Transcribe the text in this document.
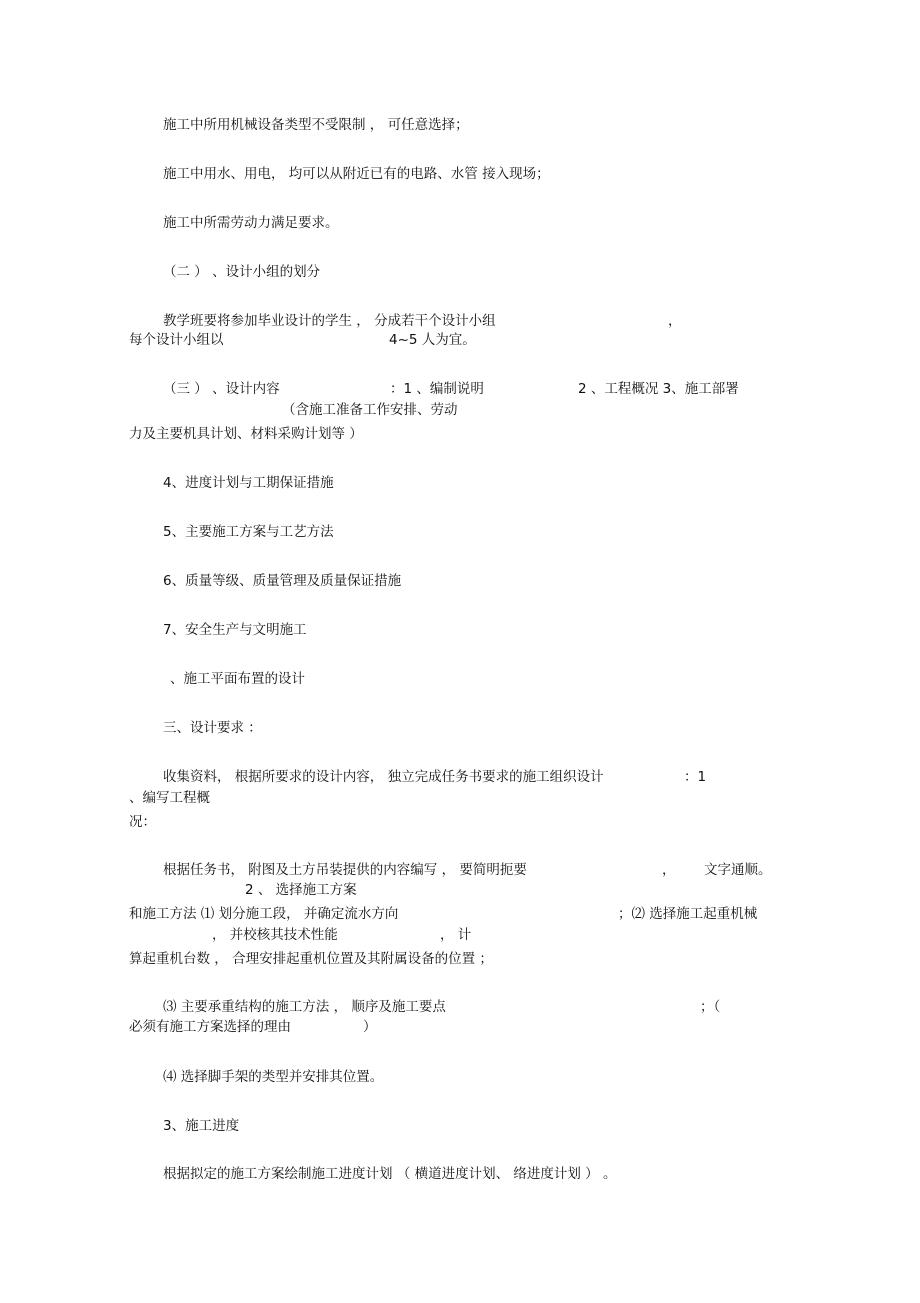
施工中所用机械设备类型不受限制 ， 可任意选择；
施工中用水、用电， 均可以从附近已有的电路、水管 接入现场；
施工中所需劳动力满足要求。
（二 ） 、设计小组的划分
教学班要将参加毕业设计的学生 ， 分成若干个设计小组	，
每个设计小组以	4~5 人为宜。
（三 ） 、设计内容	：1 、编制说明	2 、工程概况 3、施工部署
（含施工准备工作安排、劳动
力及主要机具计划、材料采购计划等 ）
4、进度计划与工期保证措施
5、主要施工方案与工艺方法
6、质量等级、质量管理及质量保证措施
7、安全生产与文明施工
、施工平面布置的设计
三、设计要求 ：
收集资料， 根据所要求的设计内容， 独立完成任务书要求的施工组织设计	：1
、编写工程概
况：
根据任务书， 附图及土方吊装提供的内容编写 ， 要简明扼要	， 文字通顺。
2 、 选择施工方案
和施工方法 ⑴ 划分施工段， 并确定流水方向	；⑵ 选择施工起重机械
， 并校核其技术性能	， 计
算起重机台数 ， 合理安排起重机位置及其附属设备的位置 ；
⑶ 主要承重结构的施工方法 ， 顺序及施工要点	；（
必须有施工方案选择的理由	）
⑷ 选择脚手架的类型并安排其位置。
3、施工进度
根据拟定的施工方案绘制施工进度计划 （ 横道进度计划、 络进度计划 ） 。
